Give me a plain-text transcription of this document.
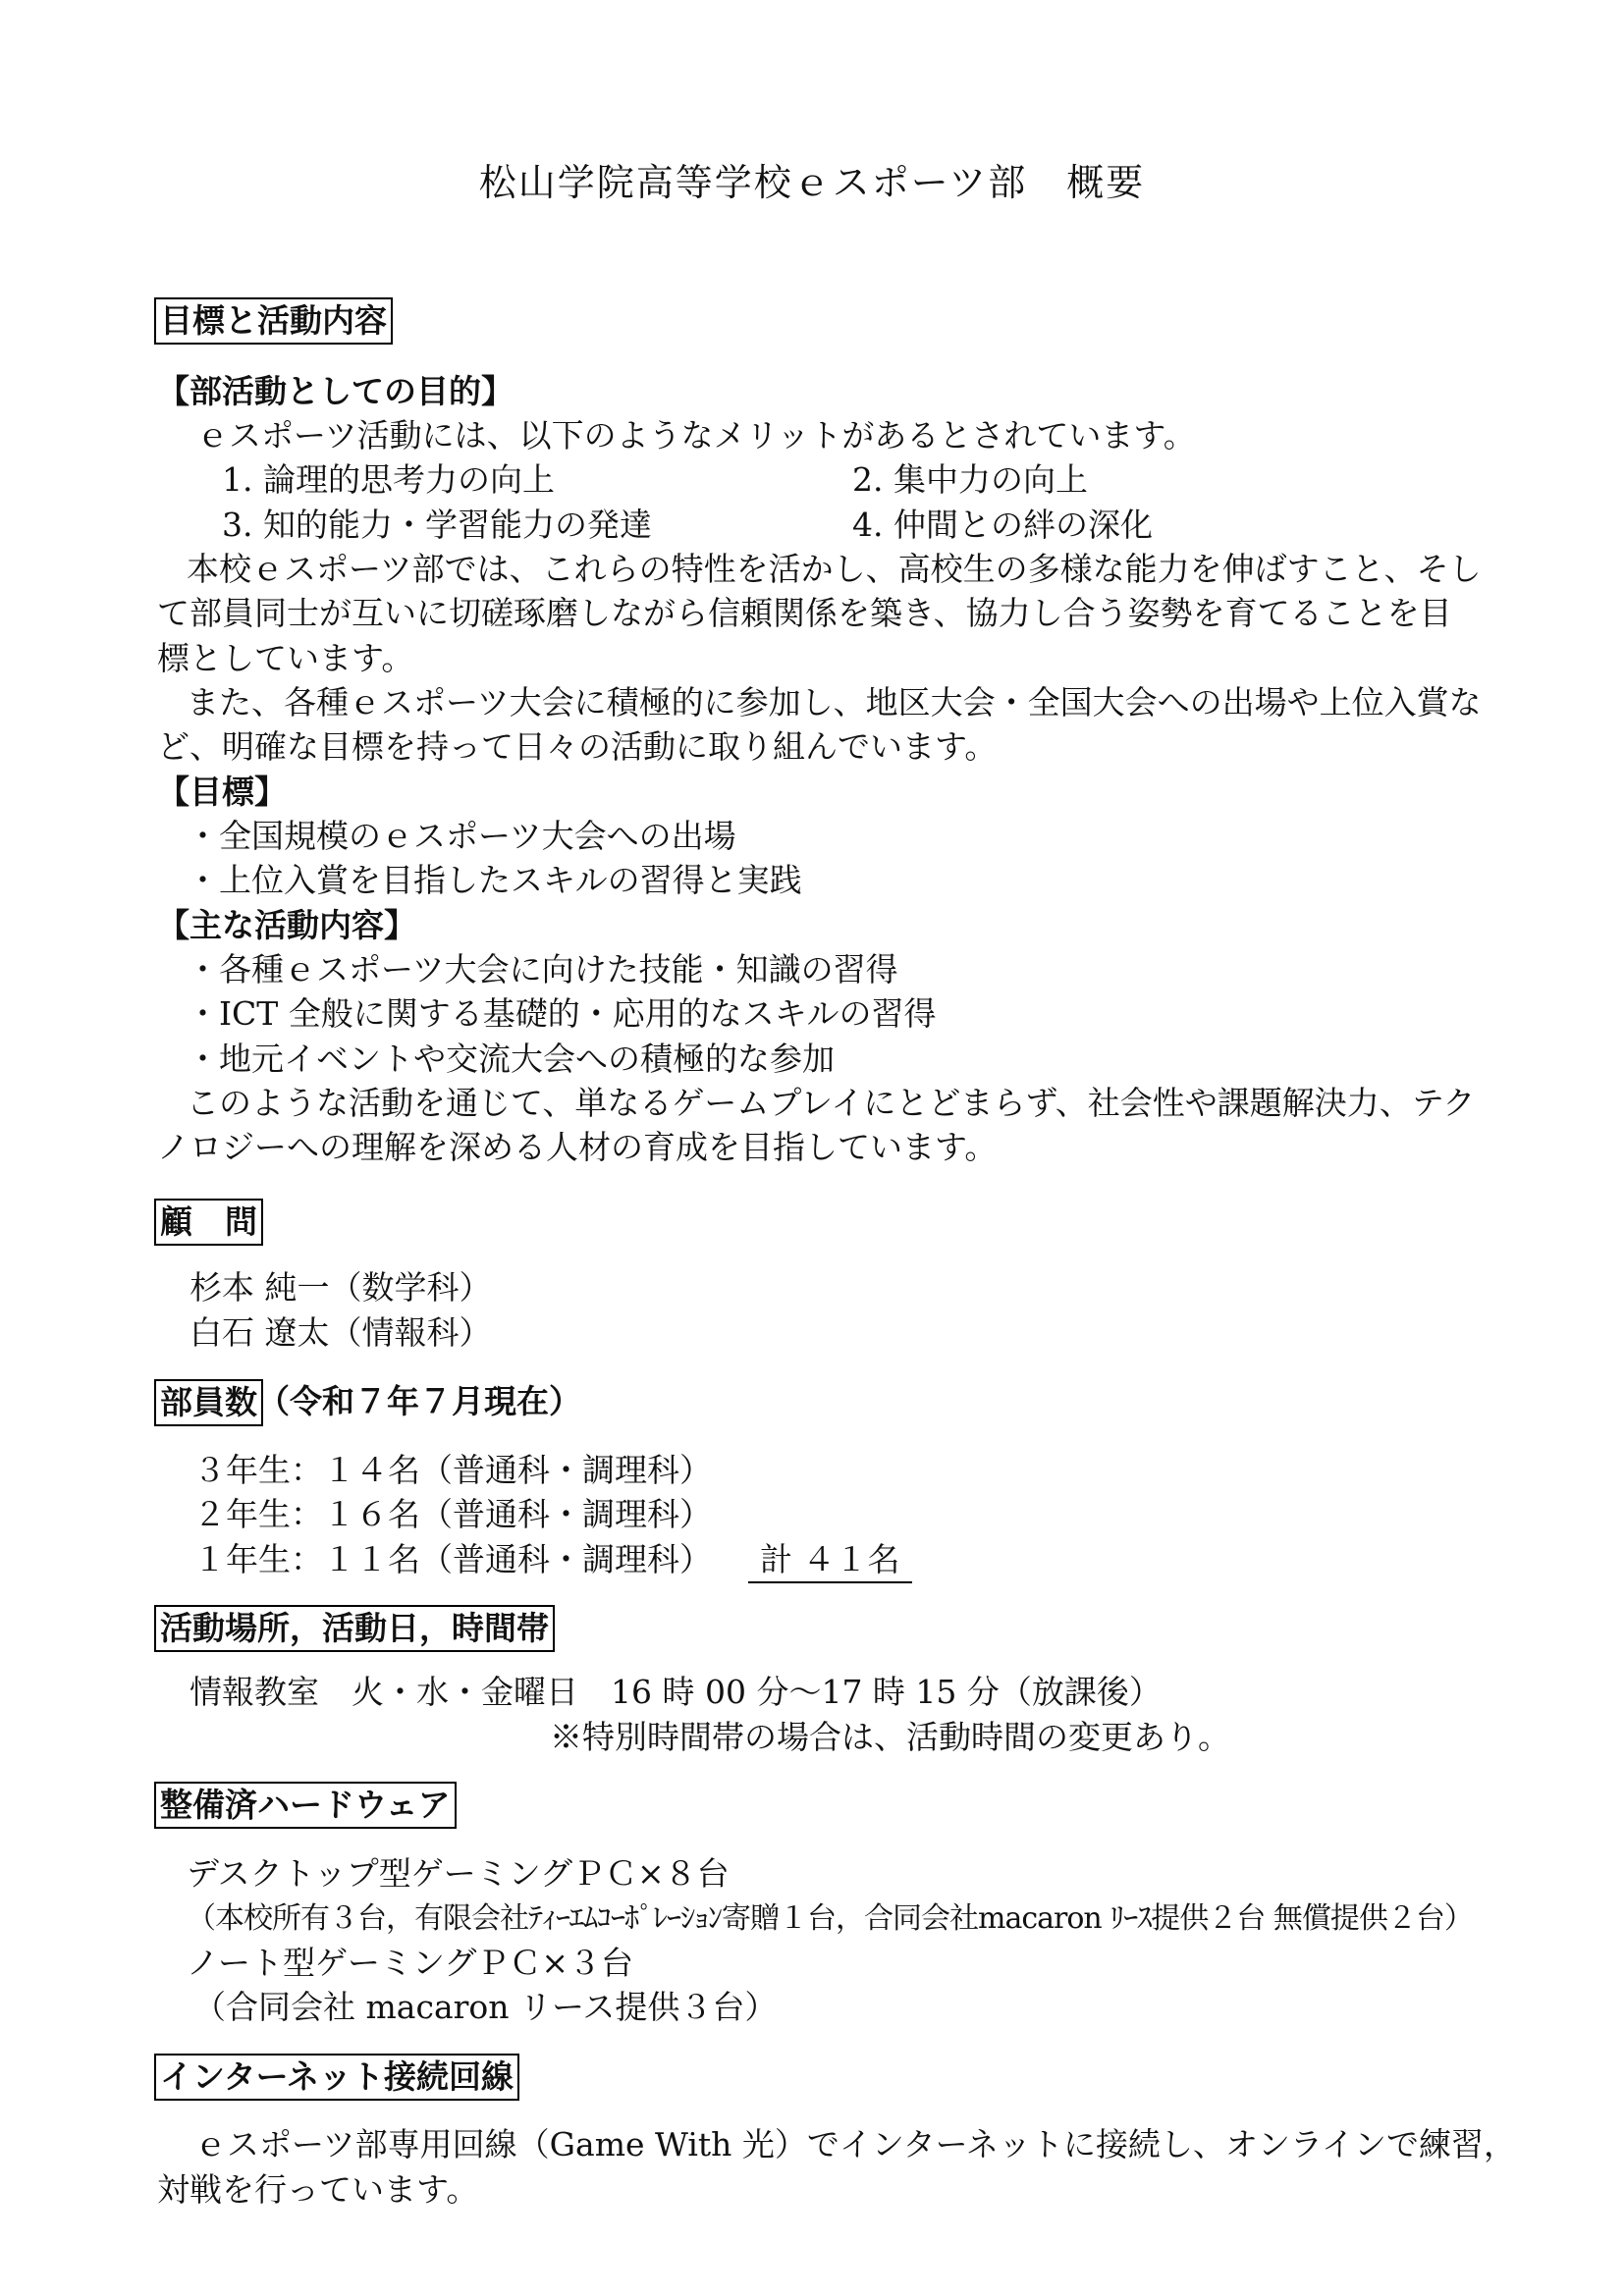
松山学院高等学校ｅスポーツ部　概要
目標と活動内容
【部活動としての目的】
ｅスポーツ活動には、以下のようなメリットがあるとされています。
1. 論理的思考力の向上	2. 集中力の向上
3. 知的能力・学習能力の発達	4. 仲間との絆の深化
本校ｅスポーツ部では、これらの特性を活かし、高校生の多様な能力を伸ばすこと、そし
て部員同士が互いに切磋琢磨しながら信頼関係を築き、協力し合う姿勢を育てることを目
標としています。
また、各種ｅスポーツ大会に積極的に参加し、地区大会・全国大会への出場や上位入賞な
ど、明確な目標を持って日々の活動に取り組んでいます。
【目標】
・全国規模のｅスポーツ大会への出場
・上位入賞を目指したスキルの習得と実践
【主な活動内容】
・各種ｅスポーツ大会に向けた技能・知識の習得
・ICT 全般に関する基礎的・応用的なスキルの習得
・地元イベントや交流大会への積極的な参加
このような活動を通じて、単なるゲームプレイにとどまらず、社会性や課題解決力、テク
ノロジーへの理解を深める人材の育成を目指しています。
顧　問
杉本 純一（数学科）
白石 遼太（情報科）
部員数 （令和７年７月現在）
３年生：１４名（普通科・調理科）
２年生：１６名（普通科・調理科）
１年生：１１名（普通科・調理科）	計 ４１名
活動場所，活動日，時間帯
情報教室　火・水・金曜日　16 時 00 分～17 時 15 分（放課後）
※特別時間帯の場合は、活動時間の変更あり。
整備済ハードウェア
デスクトップ型ゲーミングＰＣ×８台
（本校所有３台，有限会社ﾃｨｰｴﾑｺｰﾎﾟﾚｰｼｮﾝ寄贈１台，合同会社macaron ﾘｰｽ提供２台 無償提供２台）
ノート型ゲーミングＰＣ×３台
（合同会社 macaron リース提供３台）
インターネット接続回線
ｅスポーツ部専用回線（Game With 光）でインターネットに接続し、オンラインで練習，
対戦を行っています。
